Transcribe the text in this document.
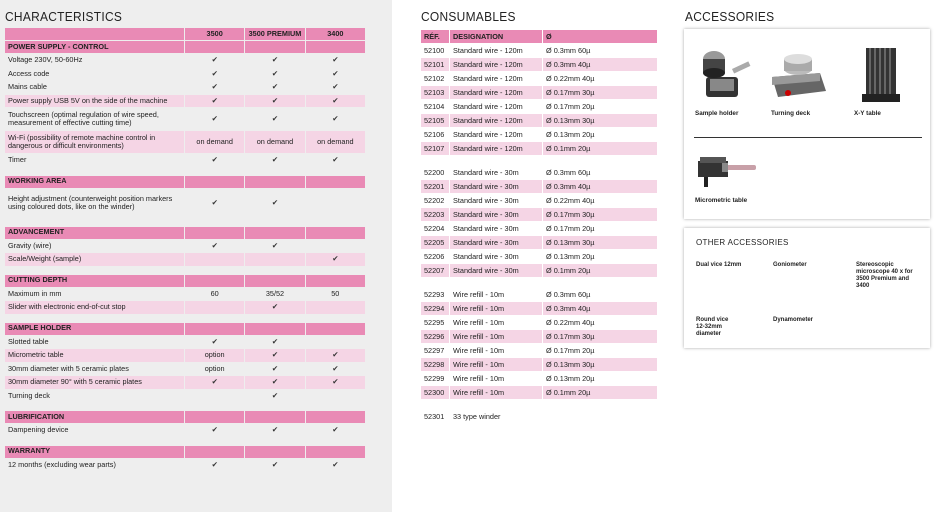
CHARACTERISTICS
	3500	3500 PREMIUM	3400
POWER SUPPLY - CONTROL			
Voltage 230V, 50-60Hz	✔	✔	✔
Access code	✔	✔	✔
Mains cable	✔	✔	✔
Power supply USB 5V on the side of the machine	✔	✔	✔
Touchscreen (optimal regulation of wire speed, measurement of effective cutting time)	✔	✔	✔
Wi-Fi (possibility of remote machine control in dangerous or difficult environments)	on demand	on demand	on demand
Timer	✔	✔	✔

WORKING AREA			
Height adjustment (counterweight position markers using coloured dots, like on the winder)	✔	✔	

ADVANCEMENT			
Gravity (wire)	✔	✔	
Scale/Weight (sample)			✔

CUTTING DEPTH			
Maximum in mm	60	35/52	50
Slider with electronic end-of-cut stop		✔	

SAMPLE HOLDER			
Slotted table	✔	✔	
Micrometric table	option	✔	✔
30mm diameter with 5 ceramic plates	option	✔	✔
30mm diameter 90° with 5 ceramic plates	✔	✔	✔
Turning deck		✔	

LUBRIFICATION			
Dampening device	✔	✔	✔

WARRANTY			
12 months (excluding wear parts)	✔	✔	✔
CONSUMABLES
RÉF.	DESIGNATION	Ø
52100	Standard wire - 120m	Ø 0.3mm 60µ
52101	Standard wire - 120m	Ø 0.3mm 40µ
52102	Standard wire - 120m	Ø 0.22mm 40µ
52103	Standard wire - 120m	Ø 0.17mm 30µ
52104	Standard wire - 120m	Ø 0.17mm 20µ
52105	Standard wire - 120m	Ø 0.13mm 30µ
52106	Standard wire - 120m	Ø 0.13mm 20µ
52107	Standard wire - 120m	Ø 0.1mm 20µ

52200	Standard wire - 30m	Ø 0.3mm 60µ
52201	Standard wire - 30m	Ø 0.3mm 40µ
52202	Standard wire - 30m	Ø 0.22mm 40µ
52203	Standard wire - 30m	Ø 0.17mm 30µ
52204	Standard wire - 30m	Ø 0.17mm 20µ
52205	Standard wire - 30m	Ø 0.13mm 30µ
52206	Standard wire - 30m	Ø 0.13mm 20µ
52207	Standard wire - 30m	Ø 0.1mm 20µ

52293	Wire refill - 10m	Ø 0.3mm 60µ
52294	Wire refill - 10m	Ø 0.3mm 40µ
52295	Wire refill - 10m	Ø 0.22mm 40µ
52296	Wire refill - 10m	Ø 0.17mm 30µ
52297	Wire refill - 10m	Ø 0.17mm 20µ
52298	Wire refill - 10m	Ø 0.13mm 30µ
52299	Wire refill - 10m	Ø 0.13mm 20µ
52300	Wire refill - 10m	Ø 0.1mm 20µ

52301	33 type winder	
ACCESSORIES
Sample holder	Turning deck	X-Y table
Micrometric table
OTHER ACCESSORIES
Dual vice 12mm	Goniometer	Stereoscopic microscope 40 x for 3500 Premium and 3400
Round vice 12-32mm diameter
Dynamometer
